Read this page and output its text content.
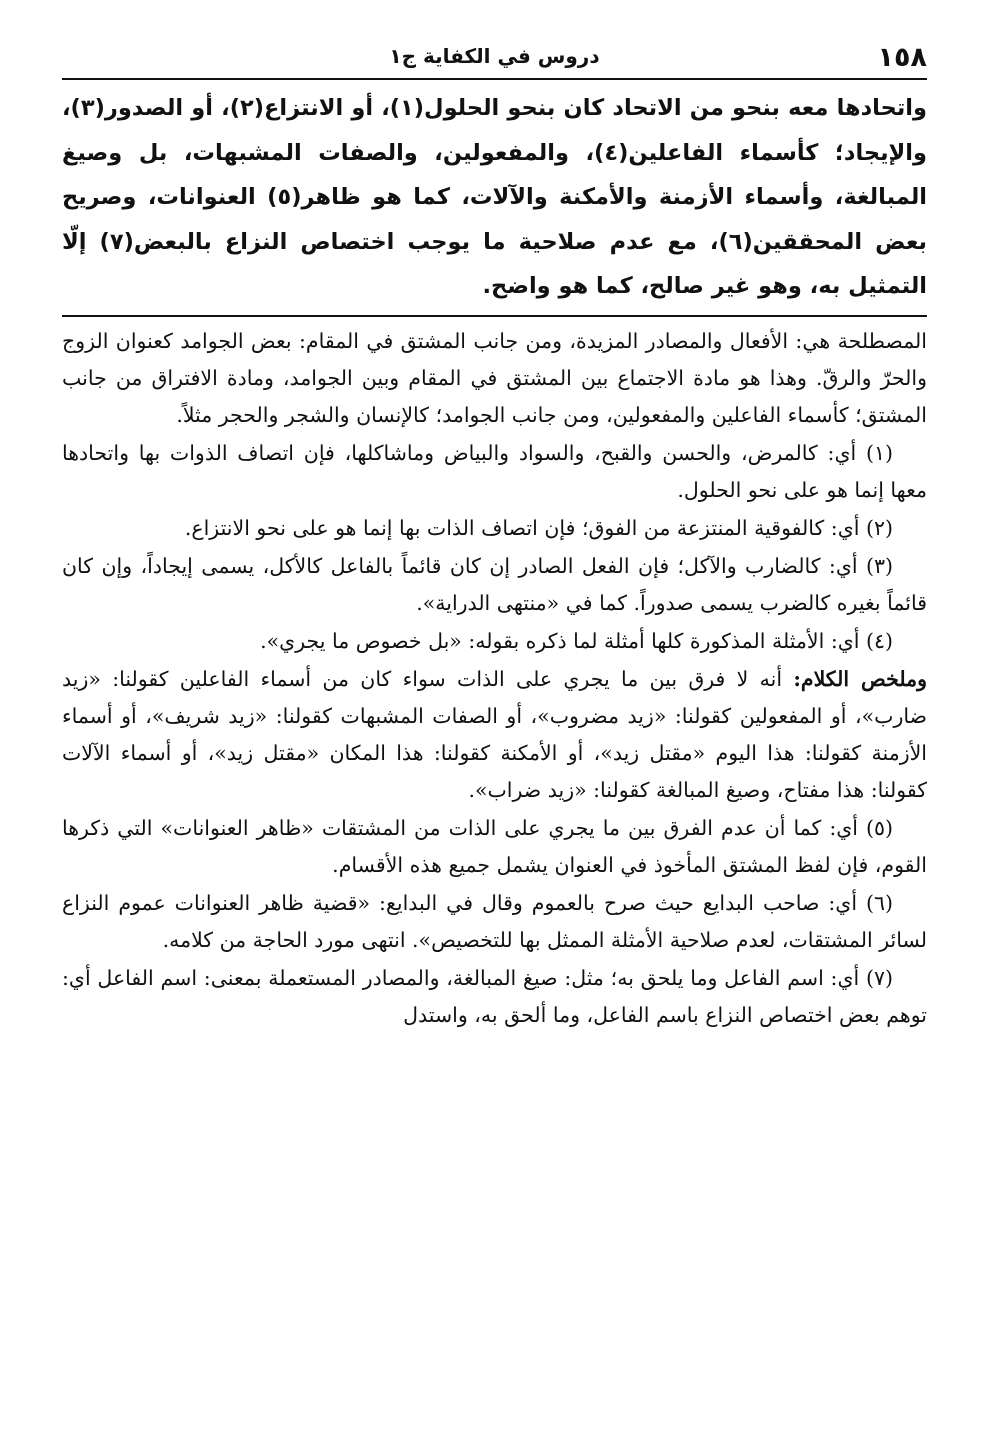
١٥٨
دروس في الكفاية ج١

واتحادها معه بنحو من الاتحاد كان بنحو الحلول(١)، أو الانتزاع(٢)، أو الصدور(٣)، والإيجاد؛ كأسماء الفاعلين(٤)، والمفعولين، والصفات المشبهات، بل وصيغ المبالغة، وأسماء الأزمنة والأمكنة والآلات، كما هو ظاهر(٥) العنوانات، وصريح بعض المحققين(٦)، مع عدم صلاحية ما يوجب اختصاص النزاع بالبعض(٧) إلّا التمثيل به، وهو غير صالح، كما هو واضح.

المصطلحة هي: الأفعال والمصادر المزيدة، ومن جانب المشتق في المقام: بعض الجوامد كعنوان الزوج والحرّ والرقّ. وهذا هو مادة الاجتماع بين المشتق في المقام وبين الجوامد، ومادة الافتراق من جانب المشتق؛ كأسماء الفاعلين والمفعولين، ومن جانب الجوامد؛ كالإنسان والشجر والحجر مثلاً.

(١) أي: كالمرض، والحسن والقبح، والسواد والبياض وماشاكلها، فإن اتصاف الذوات بها واتحادها معها إنما هو على نحو الحلول.

(٢) أي: كالفوقية المنتزعة من الفوق؛ فإن اتصاف الذات بها إنما هو على نحو الانتزاع.

(٣) أي: كالضارب والآكل؛ فإن الفعل الصادر إن كان قائماً بالفاعل كالأكل، يسمى إيجاداً، وإن كان قائماً بغيره كالضرب يسمى صدوراً. كما في «منتهى الدراية».

(٤) أي: الأمثلة المذكورة كلها أمثلة لما ذكره بقوله: «بل خصوص ما يجري».

وملخص الكلام: أنه لا فرق بين ما يجري على الذات سواء كان من أسماء الفاعلين كقولنا: «زيد ضارب»، أو المفعولين كقولنا: «زيد مضروب»، أو الصفات المشبهات كقولنا: «زيد شريف»، أو أسماء الأزمنة كقولنا: هذا اليوم «مقتل زيد»، أو الأمكنة كقولنا: هذا المكان «مقتل زيد»، أو أسماء الآلات كقولنا: هذا مفتاح، وصيغ المبالغة كقولنا: «زيد ضراب».

(٥) أي: كما أن عدم الفرق بين ما يجري على الذات من المشتقات «ظاهر العنوانات» التي ذكرها القوم، فإن لفظ المشتق المأخوذ في العنوان يشمل جميع هذه الأقسام.

(٦) أي: صاحب البدايع حيث صرح بالعموم وقال في البدايع: «قضية ظاهر العنوانات عموم النزاع لسائر المشتقات، لعدم صلاحية الأمثلة الممثل بها للتخصيص». انتهى مورد الحاجة من كلامه.

(٧) أي: اسم الفاعل وما يلحق به؛ مثل: صيغ المبالغة، والمصادر المستعملة بمعنى: اسم الفاعل أي: توهم بعض اختصاص النزاع باسم الفاعل، وما ألحق به، واستدل
